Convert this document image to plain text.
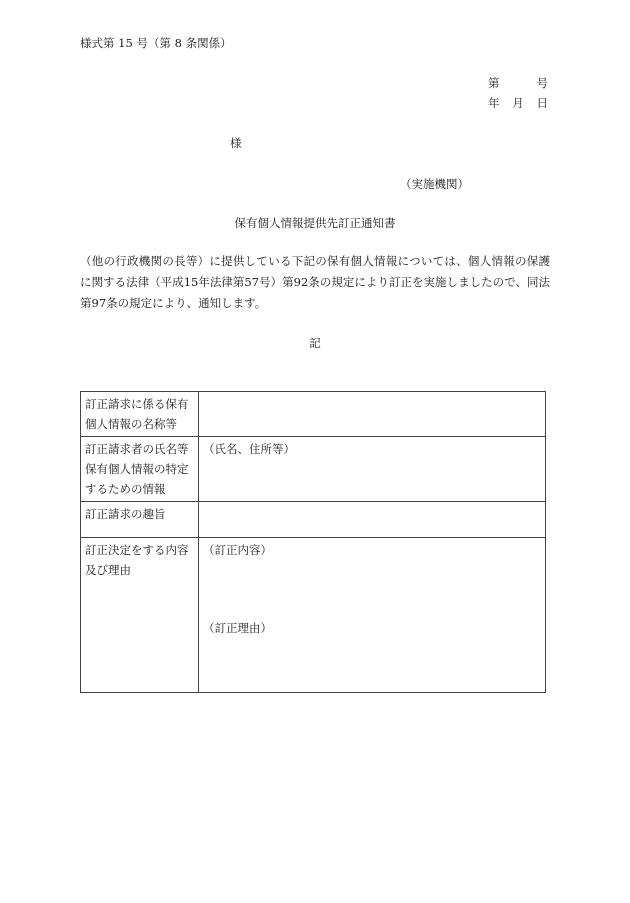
様式第 15 号（第 8 条関係）
第	号
年 月 日
様
（実施機関）
保有個人情報提供先訂正通知書
（他の行政機関の長等）に提供している下記の保有個人情報については、個人情報の保護に関する法律（平成15年法律第57号）第92条の規定により訂正を実施しましたので、同法第97条の規定により、通知します。
記
訂正請求に係る保有個人情報の名称等	
訂正請求者の氏名等保有個人情報の特定するための情報	（氏名、住所等）
訂正請求の趣旨	
訂正決定をする内容及び理由	（訂正内容）
（訂正理由）
